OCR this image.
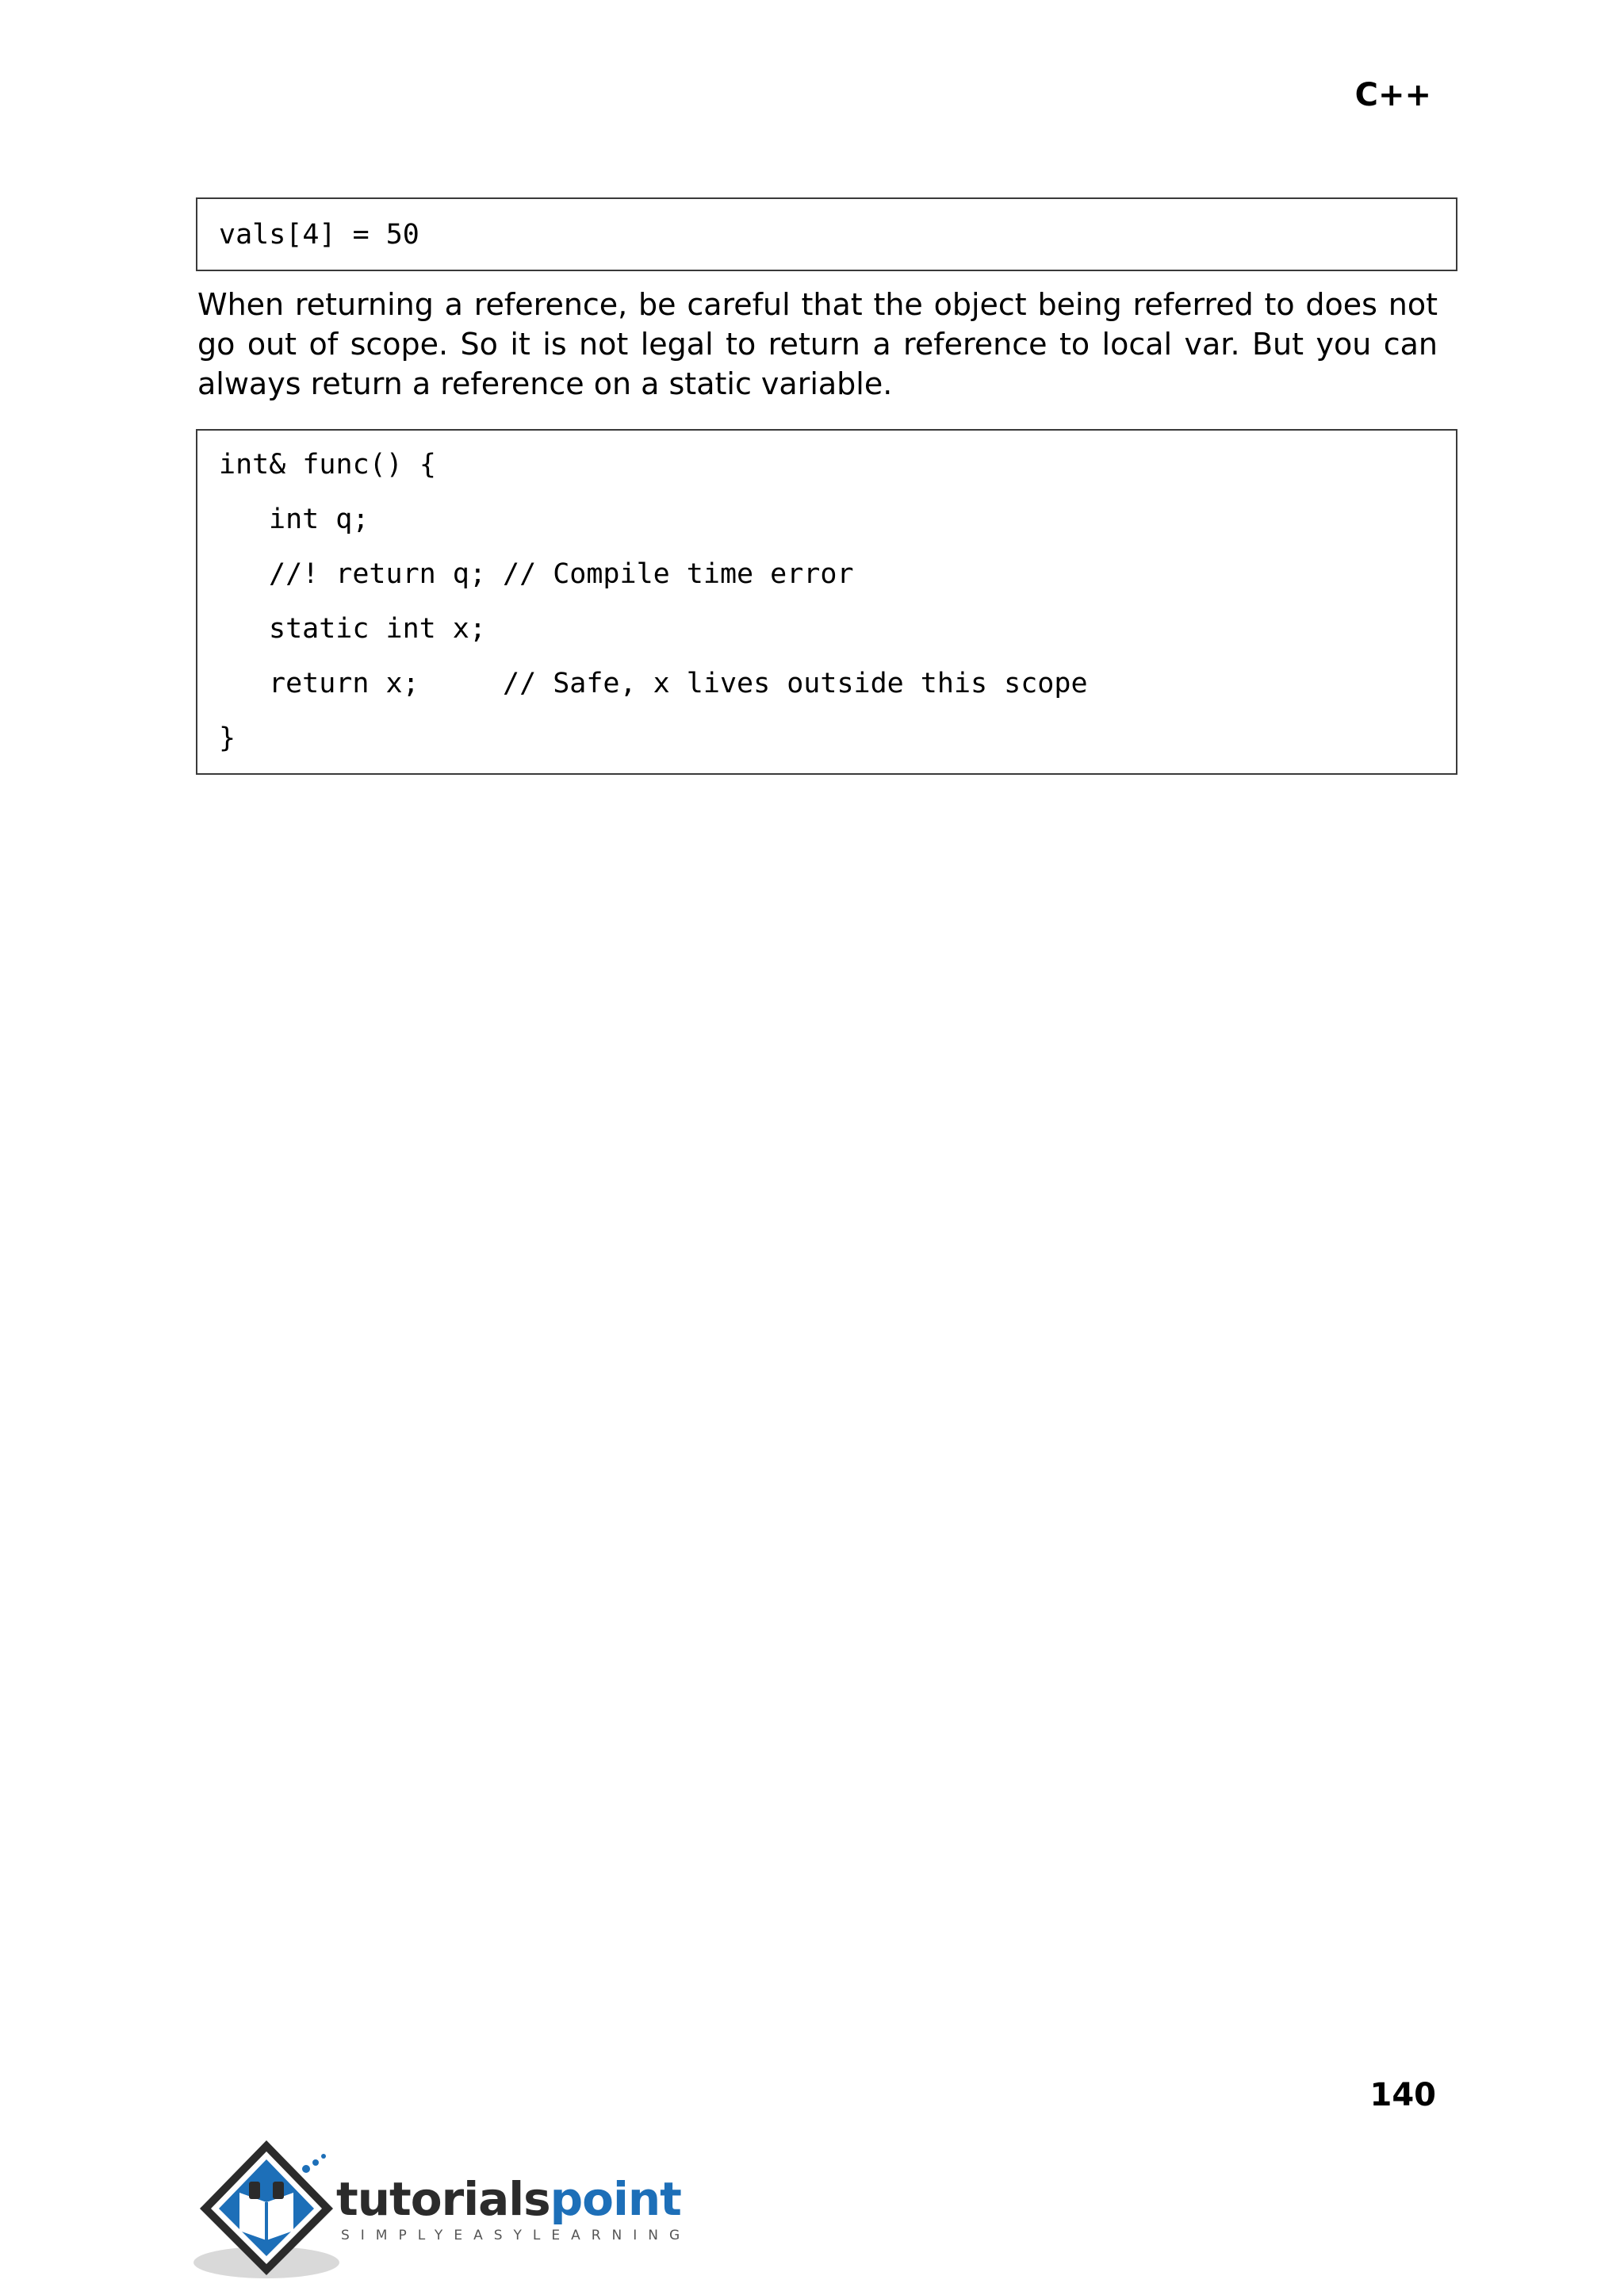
C++
vals[4] = 50
When returning a reference, be careful that the object being referred to does not go out of scope. So it is not legal to return a reference to local var. But you can always return a reference on a static variable.
int& func() {
int q;
//! return q; // Compile time error
static int x;
return x;     // Safe, x lives outside this scope
}
140
tutorialspoint
SIMPLYEASYLEARNING
